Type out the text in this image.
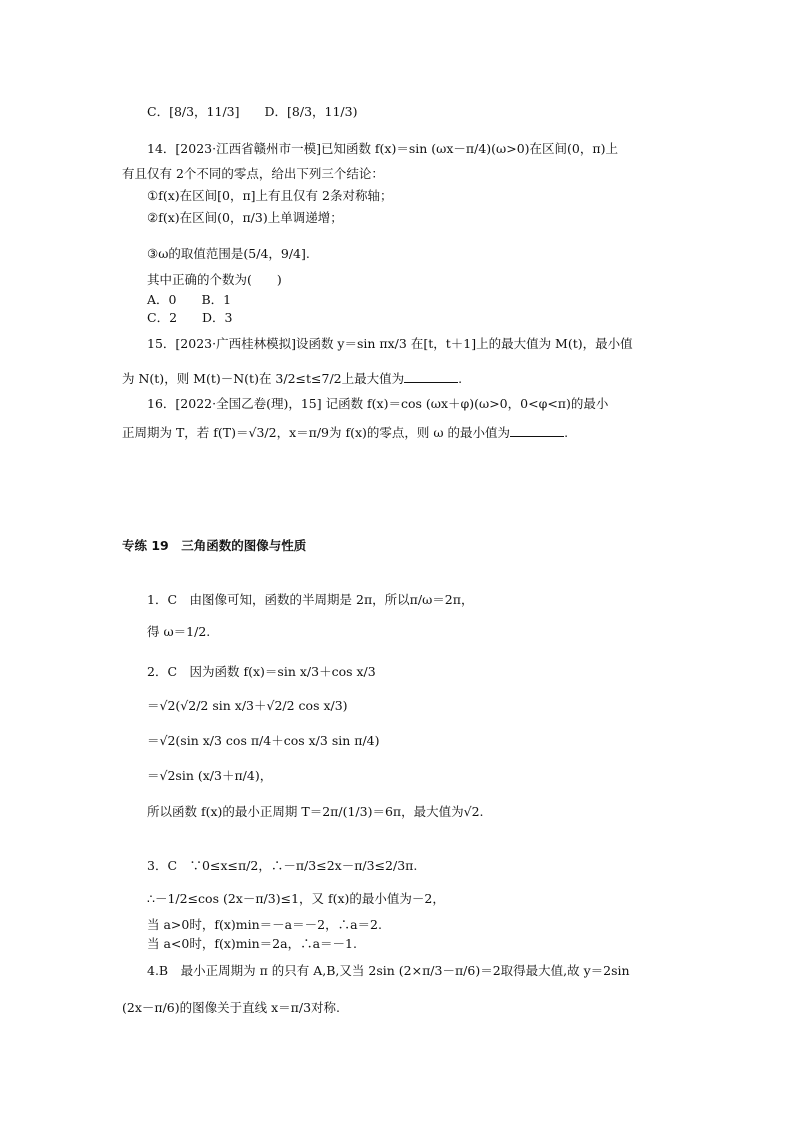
C．[8/3，11/3]　　D．[8/3，11/3)
14．[2023·江西省赣州市一模]已知函数 f(x)＝sin (ωx－π/4)(ω>0)在区间(0，π)上
有且仅有 2个不同的零点，给出下列三个结论：
①f(x)在区间[0，π]上有且仅有 2条对称轴；
②f(x)在区间(0，π/3)上单调递增；
③ω的取值范围是(5/4，9/4].
其中正确的个数为(　　)
A．0　　B．1
C．2　　D．3
15．[2023·广西桂林模拟]设函数 y＝sin πx/3 在[t，t＋1]上的最大值为 M(t)，最小值
为 N(t)，则 M(t)－N(t)在 3/2≤t≤7/2上最大值为	.
16．[2022·全国乙卷(理)，15] 记函数 f(x)＝cos (ωx＋φ)(ω>0，0<φ<π)的最小
正周期为 T，若 f(T)＝√3/2，x＝π/9为 f(x)的零点，则 ω 的最小值为	.
专练 19　三角函数的图像与性质
1．C　由图像可知，函数的半周期是 2π，所以π/ω＝2π，
得 ω＝1/2.
2．C　因为函数 f(x)＝sin x/3＋cos x/3
＝√2(√2/2 sin x/3＋√2/2 cos x/3)
＝√2(sin x/3 cos π/4＋cos x/3 sin π/4)
＝√2sin (x/3＋π/4)，
所以函数 f(x)的最小正周期 T＝2π/(1/3)＝6π，最大值为√2.
3．C　∵0≤x≤π/2，∴－π/3≤2x－π/3≤2/3π.
∴－1/2≤cos (2x－π/3)≤1，又 f(x)的最小值为－2，
当 a>0时，f(x)min＝－a＝－2，∴a＝2.
当 a<0时，f(x)min＝2a，∴a＝－1.
4.B　最小正周期为 π 的只有 A,B,又当 2sin (2×π/3－π/6)＝2取得最大值,故 y＝2sin
(2x－π/6)的图像关于直线 x＝π/3对称.
